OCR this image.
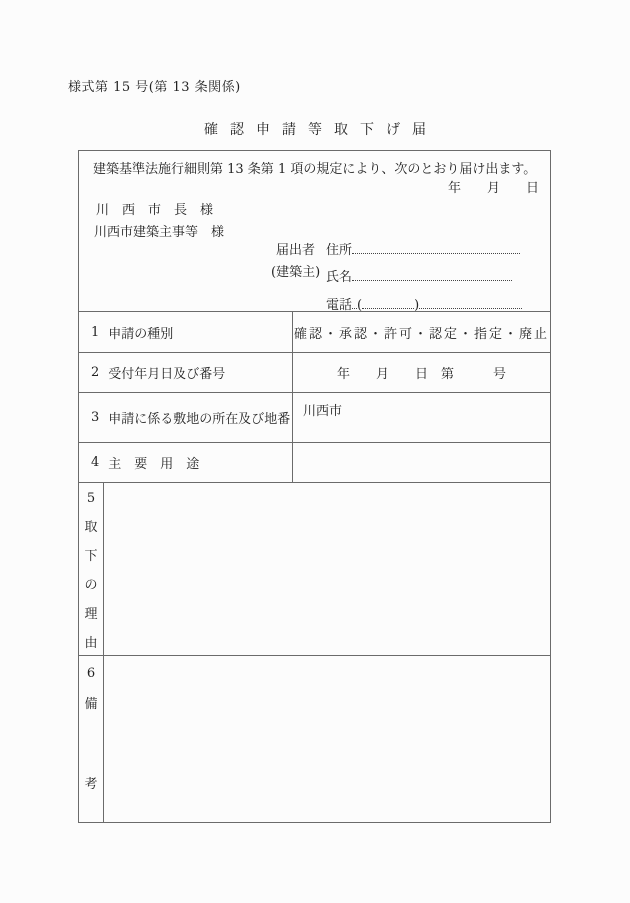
様式第 15 号(第 13 条関係)
確認申請等取下げ届
建築基準法施行細則第 13 条第 1 項の規定により、次のとおり届け出ます。
年　　月　　日
川　西　市　長　様
川西市建築主事等　様
届出者
(建築主)
住所
氏名
電話 (	)
1 申請の種別	確認・承認・許可・認定・指定・廃止
2 受付年月日及び番号	年　　月　　日　第　　　号
3 申請に係る敷地の所在及び地番
川西市
4 主　要　用　途
5
取
下
の
理
由
6
備
考
